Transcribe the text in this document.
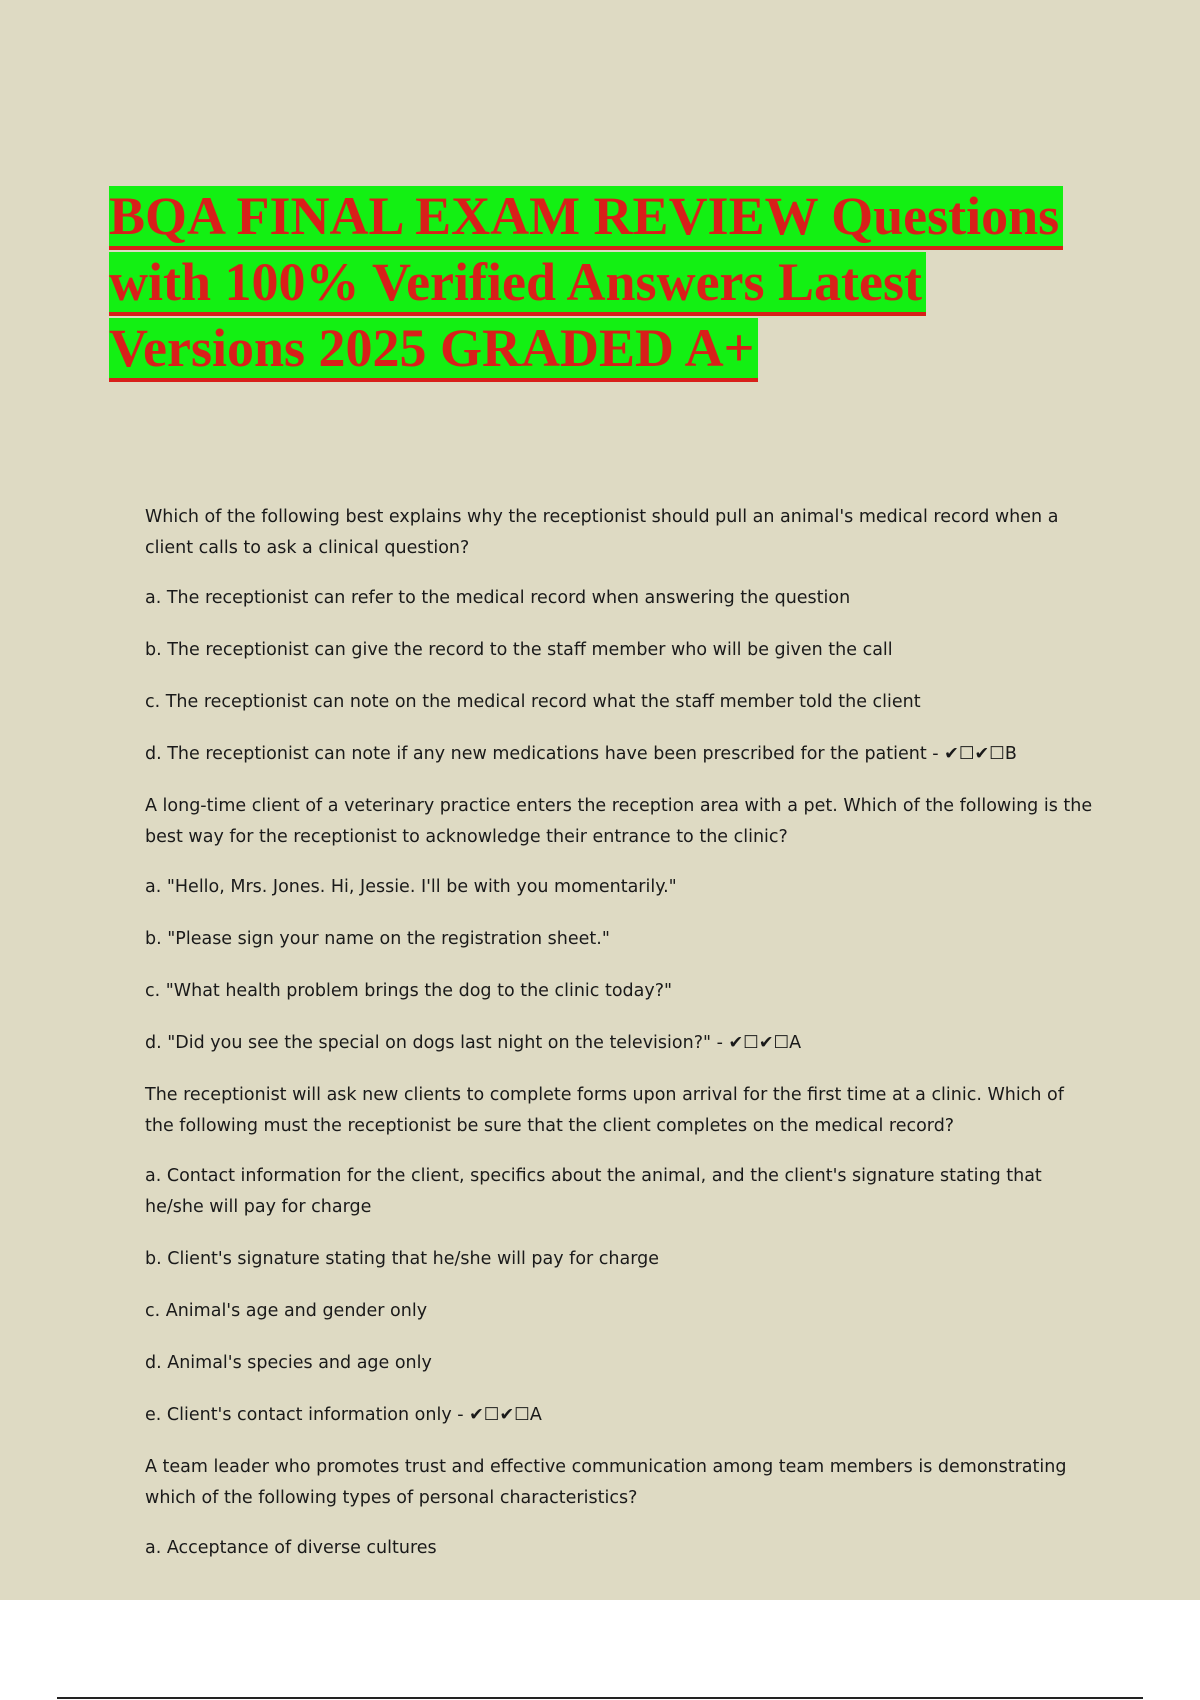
BQA FINAL EXAM REVIEW Questions
with 100% Verified Answers Latest
Versions 2025 GRADED A+

Which of the following best explains why the receptionist should pull an animal's medical record when a client calls to ask a clinical question?

a. The receptionist can refer to the medical record when answering the question

b. The receptionist can give the record to the staff member who will be given the call

c. The receptionist can note on the medical record what the staff member told the client

d. The receptionist can note if any new medications have been prescribed for the patient - ✔☐✔☐B

A long-time client of a veterinary practice enters the reception area with a pet. Which of the following is the best way for the receptionist to acknowledge their entrance to the clinic?

a. "Hello, Mrs. Jones. Hi, Jessie. I'll be with you momentarily."

b. "Please sign your name on the registration sheet."

c. "What health problem brings the dog to the clinic today?"

d. "Did you see the special on dogs last night on the television?" - ✔☐✔☐A

The receptionist will ask new clients to complete forms upon arrival for the first time at a clinic. Which of the following must the receptionist be sure that the client completes on the medical record?

a. Contact information for the client, specifics about the animal, and the client's signature stating that he/she will pay for charge

b. Client's signature stating that he/she will pay for charge

c. Animal's age and gender only

d. Animal's species and age only

e. Client's contact information only - ✔☐✔☐A

A team leader who promotes trust and effective communication among team members is demonstrating which of the following types of personal characteristics?

a. Acceptance of diverse cultures
